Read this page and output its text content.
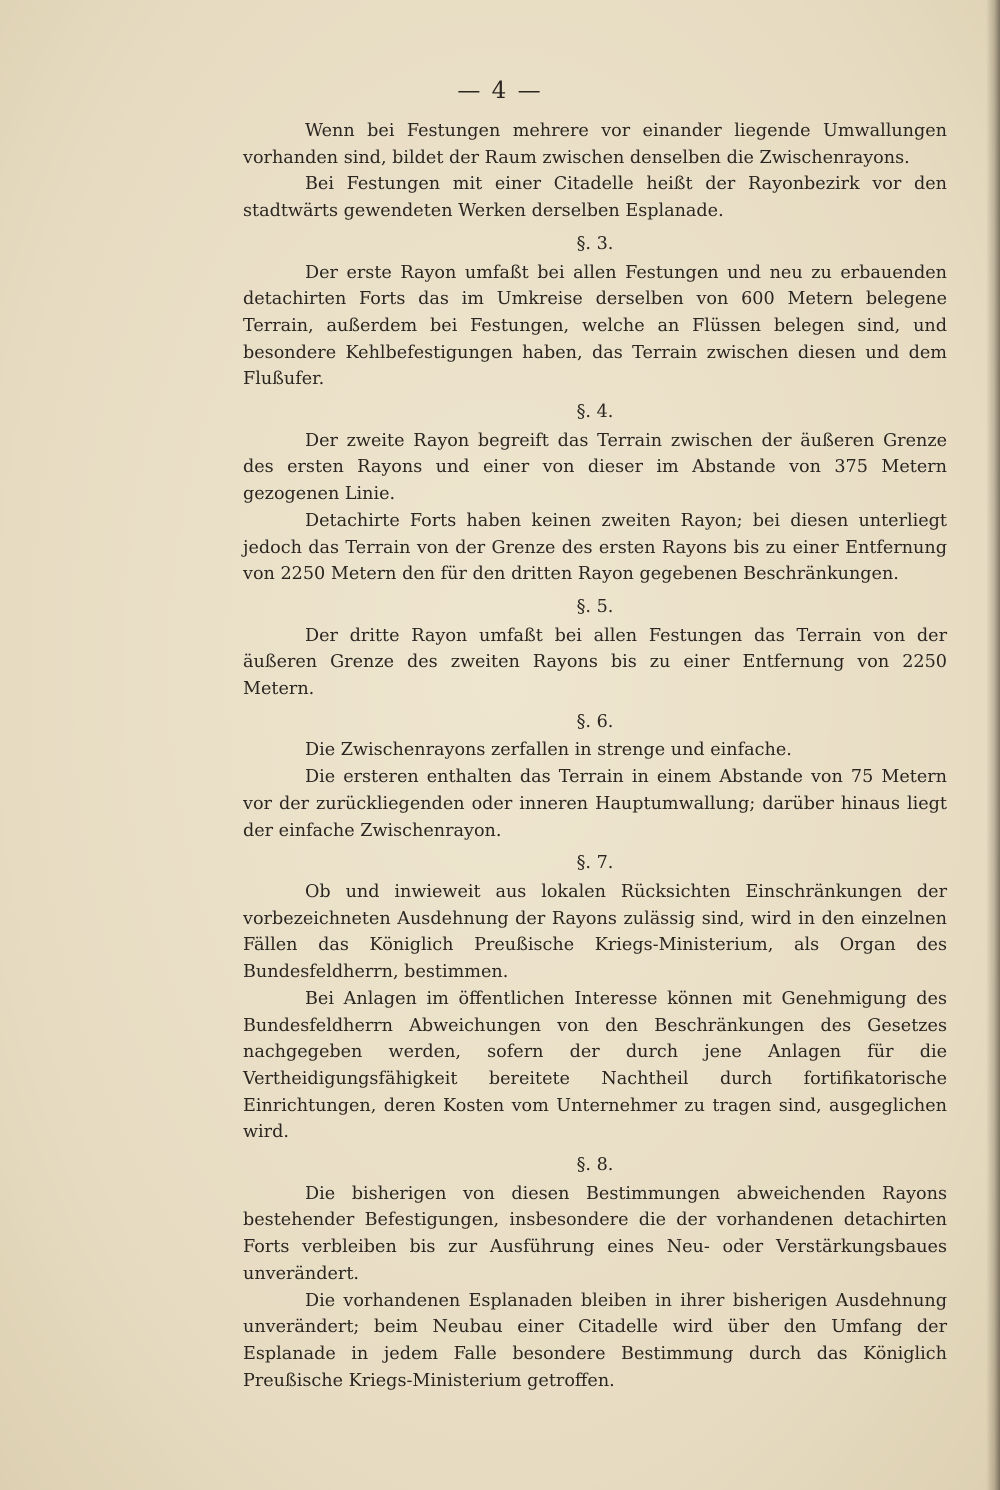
— 4 —

Wenn bei Festungen mehrere vor einander liegende Umwallungen vorhanden sind, bildet der Raum zwischen denselben die Zwischenrayons.

Bei Festungen mit einer Citadelle heißt der Rayonbezirk vor den stadtwärts gewendeten Werken derselben Esplanade.

§. 3.

Der erste Rayon umfaßt bei allen Festungen und neu zu erbauenden detachirten Forts das im Umkreise derselben von 600 Metern belegene Terrain, außerdem bei Festungen, welche an Flüssen belegen sind, und besondere Kehlbefestigungen haben, das Terrain zwischen diesen und dem Flußufer.

§. 4.

Der zweite Rayon begreift das Terrain zwischen der äußeren Grenze des ersten Rayons und einer von dieser im Abstande von 375 Metern gezogenen Linie.

Detachirte Forts haben keinen zweiten Rayon; bei diesen unterliegt jedoch das Terrain von der Grenze des ersten Rayons bis zu einer Entfernung von 2250 Metern den für den dritten Rayon gegebenen Beschränkungen.

§. 5.

Der dritte Rayon umfaßt bei allen Festungen das Terrain von der äußeren Grenze des zweiten Rayons bis zu einer Entfernung von 2250 Metern.

§. 6.

Die Zwischenrayons zerfallen in strenge und einfache.

Die ersteren enthalten das Terrain in einem Abstande von 75 Metern vor der zurückliegenden oder inneren Hauptumwallung; darüber hinaus liegt der einfache Zwischenrayon.

§. 7.

Ob und inwieweit aus lokalen Rücksichten Einschränkungen der vorbezeichneten Ausdehnung der Rayons zulässig sind, wird in den einzelnen Fällen das Königlich Preußische Kriegs-Ministerium, als Organ des Bundesfeldherrn, bestimmen.

Bei Anlagen im öffentlichen Interesse können mit Genehmigung des Bundesfeldherrn Abweichungen von den Beschränkungen des Gesetzes nachgegeben werden, sofern der durch jene Anlagen für die Vertheidigungsfähigkeit bereitete Nachtheil durch fortifikatorische Einrichtungen, deren Kosten vom Unternehmer zu tragen sind, ausgeglichen wird.

§. 8.

Die bisherigen von diesen Bestimmungen abweichenden Rayons bestehender Befestigungen, insbesondere die der vorhandenen detachirten Forts verbleiben bis zur Ausführung eines Neu- oder Verstärkungsbaues unverändert.

Die vorhandenen Esplanaden bleiben in ihrer bisherigen Ausdehnung unverändert; beim Neubau einer Citadelle wird über den Umfang der Esplanade in jedem Falle besondere Bestimmung durch das Königlich Preußische Kriegs-Ministerium getroffen.
